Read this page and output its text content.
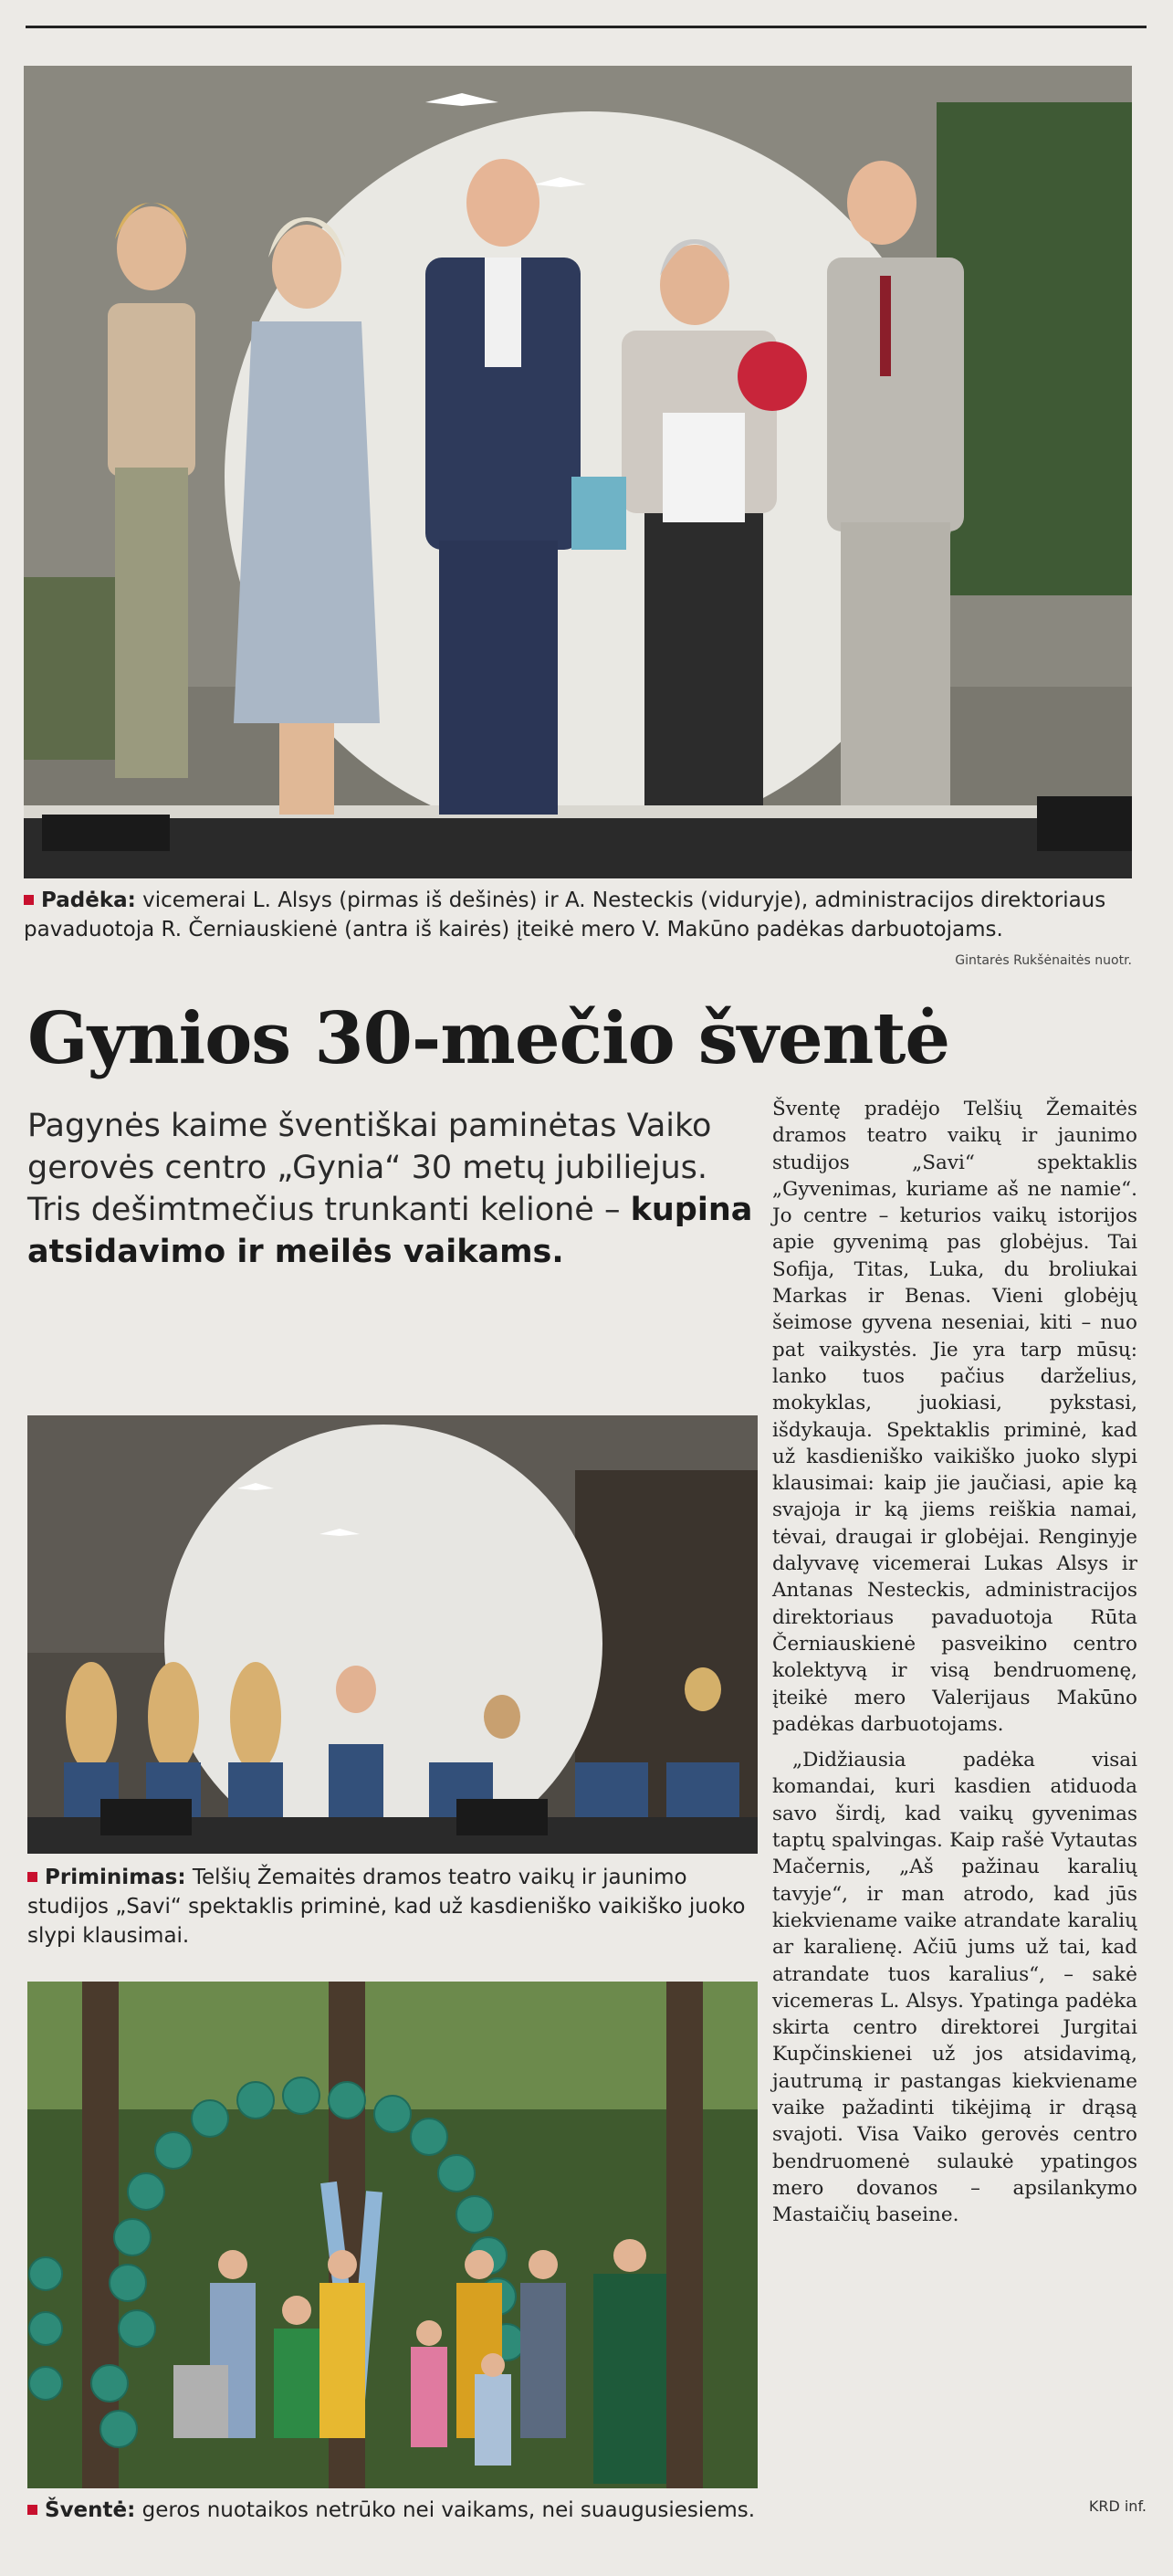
Padėka: vicemerai L. Alsys (pirmas iš dešinės) ir A. Nesteckis (viduryje), administracijos direktoriaus pavaduotoja R. Černiauskienė (antra iš kairės) įteikė mero V. Makūno padėkas darbuotojams.
Gintarės Rukšėnaitės nuotr.
Gynios 30-mečio šventė
Pagynės kaime šventiškai paminėtas Vaiko gerovės centro „Gynia“ 30 metų jubiliejus. Tris dešimtmečius trunkanti kelionė – kupina atsidavimo ir meilės vaikams.

Šventę pradėjo Telšių Žemaitės dramos teatro vaikų ir jaunimo studijos „Savi“ spektaklis „Gyvenimas, kuriame aš ne namie“. Jo centre – keturios vaikų istorijos apie gyvenimą pas globėjus. Tai Sofija, Titas, Luka, du broliukai Markas ir Benas. Vieni globėjų šeimose gyvena neseniai, kiti – nuo pat vaikystės. Jie yra tarp mūsų: lanko tuos pačius darželius, mokyklas, juokiasi, pykstasi, išdykauja. Spektaklis priminė, kad už kasdieniško vaikiško juoko slypi klausimai: kaip jie jaučiasi, apie ką svajoja ir ką jiems reiškia namai, tėvai, draugai ir globėjai. Renginyje dalyvavę vicemerai Lukas Alsys ir Antanas Nesteckis, administracijos direktoriaus pavaduotoja Rūta Černiauskienė pasveikino centro kolektyvą ir visą bendruomenę, įteikė mero Valerijaus Makūno padėkas darbuotojams.

„Didžiausia padėka visai komandai, kuri kasdien atiduoda savo širdį, kad vaikų gyvenimas taptų spalvingas. Kaip rašė Vytautas Mačernis, „Aš pažinau karalių tavyje“, ir man atrodo, kad jūs kiekviename vaike atrandate karalių ar karalienę. Ačiū jums už tai, kad atrandate tuos karalius“, – sakė vicemeras L. Alsys. Ypatinga padėka skirta centro direktorei Jurgitai Kupčinskienei už jos atsidavimą, jautrumą ir pastangas kiekviename vaike pažadinti tikėjimą ir drąsą svajoti. Visa Vaiko gerovės centro bendruomenė sulaukė ypatingos mero dovanos – apsilankymo Mastaičių baseine.

KRD inf.
Priminimas: Telšių Žemaitės dramos teatro vaikų ir jaunimo studijos „Savi“ spektaklis priminė, kad už kasdieniško vaikiško juoko slypi klausimai.
Šventė: geros nuotaikos netrūko nei vaikams, nei suaugusiesiems.
